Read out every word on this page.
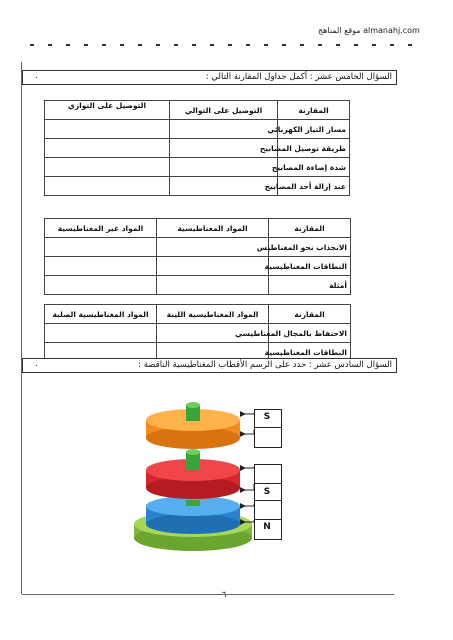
موقع المناهج almanahj.com
السؤال الخامس عشر : أكمل جداول المقارنة التالي :
.
المقارنة	التوصيل على التوالي	التوصيل على التوازي
مسار التيار الكهربائي		
طريقة توصيل المصابيح		
شدة إضاءة المصابيح		
عند إزالة أحد المصابيح		
المقارنة	المواد المغناطيسية	المواد غير المغناطيسية
الانجذاب نحو المغناطيس		
النطاقات المغناطيسية		
أمثلة		
المقارنة	المواد المغناطيسية اللينة	المواد المغناطيسية الصلبة
الاحتفاظ بالمجال المغناطيسي		
النطاقات المغناطيسية		
السؤال السادس عشر : حدد على الرسم الأقطاب المغناطيسية الناقصة :
.
S
S
N
